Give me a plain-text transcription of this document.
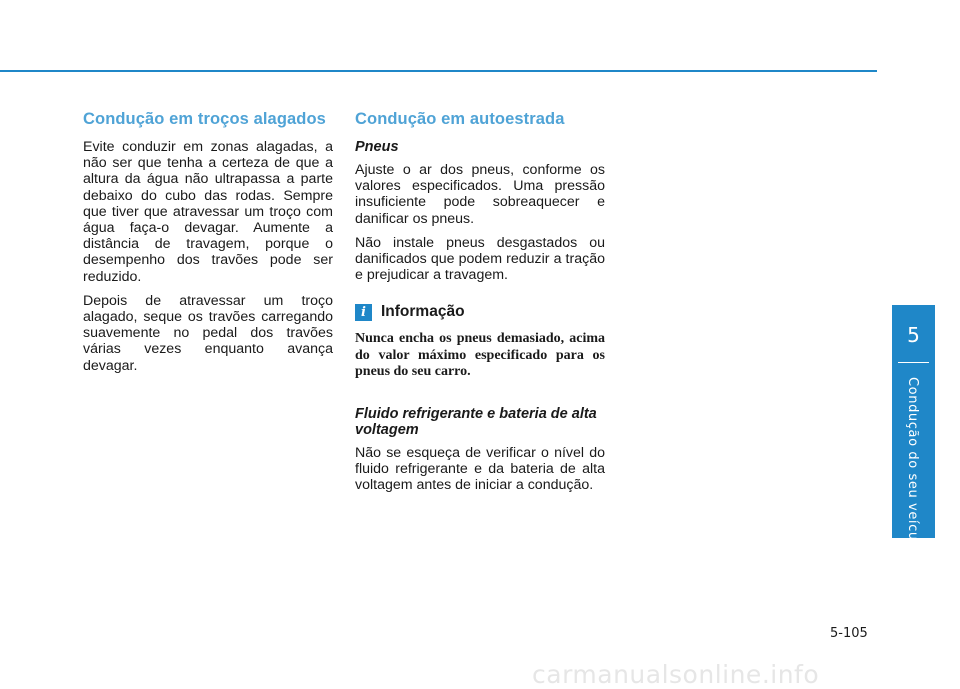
Condução em troços alagados

Evite conduzir em zonas alagadas, a não ser que tenha a certeza de que a altura da água não ultrapassa a parte debaixo do cubo das rodas. Sempre que tiver que atravessar um troço com água faça-o devagar. Aumente a distância de travagem, porque o desempenho dos travões pode ser reduzido.

Depois de atravessar um troço alagado, seque os travões carregando suavemente no pedal dos travões várias vezes enquanto avança devagar.

Condução em autoestrada
Pneus

Ajuste o ar dos pneus, conforme os valores especificados. Uma pressão insuficiente pode sobreaquecer e danificar os pneus.

Não instale pneus desgastados ou danificados que podem reduzir a tração e prejudicar a travagem.

i Informação

Nunca encha os pneus demasiado, acima do valor máximo especificado para os pneus do seu carro.

Fluido refrigerante e bateria de alta voltagem

Não se esqueça de verificar o nível do fluido refrigerante e da bateria de alta voltagem antes de iniciar a condução.

5
Condução do seu veículo
5-105
carmanualsonline.info
